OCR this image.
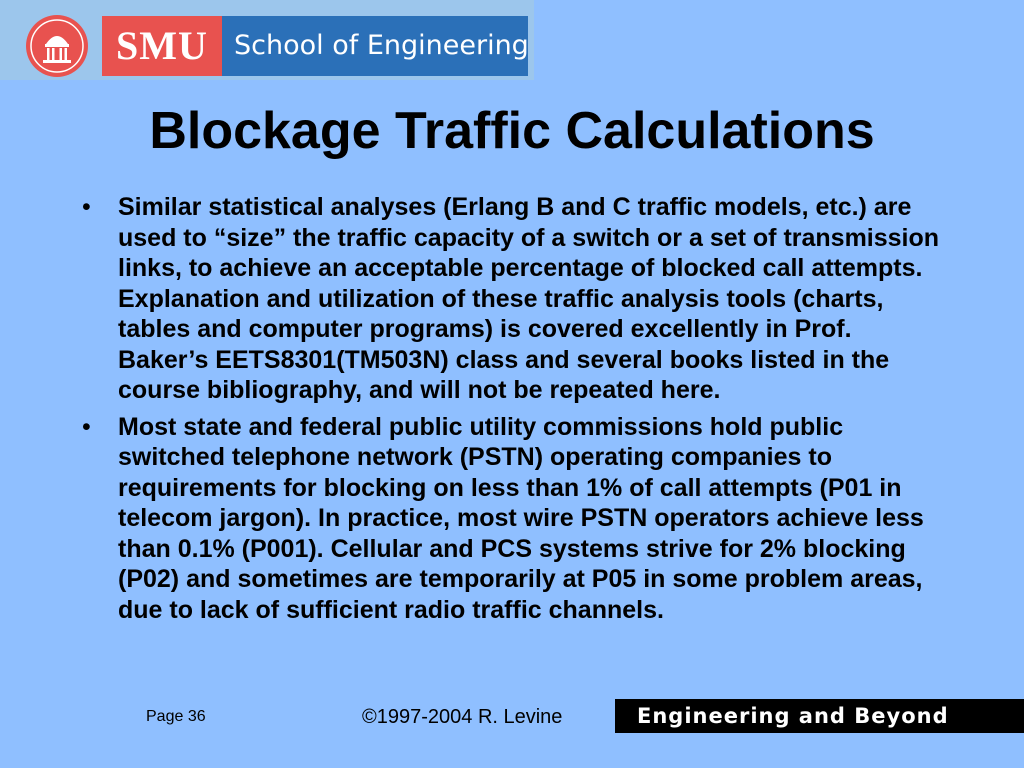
SMU School of Engineering
Blockage Traffic Calculations
• Similar statistical analyses (Erlang B and C traffic models, etc.) are used to “size” the traffic capacity of a switch or a set of transmission links, to achieve an acceptable percentage of blocked call attempts. Explanation and utilization of these traffic analysis tools (charts, tables and computer programs) is covered excellently in Prof. Baker’s EETS8301(TM503N) class and several books listed in the course bibliography, and will not be repeated here.
• Most state and federal public utility commissions hold public switched telephone network (PSTN) operating companies to requirements for blocking on less than 1% of call attempts (P01 in telecom jargon). In practice, most wire PSTN operators achieve less than 0.1% (P001). Cellular and PCS systems strive for 2% blocking (P02) and sometimes are temporarily at P05 in some problem areas, due to lack of sufficient radio traffic channels.
Page 36	©1997-2004 R. Levine	Engineering and Beyond
